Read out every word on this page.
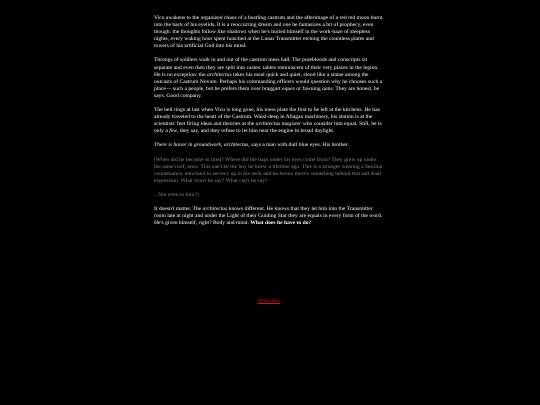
Vicu awakens to the organized chaos of a bustling castrum and the afterimage of a red red moon burnt into the back of his eyelids. It is a reoccurring dream and one he fantasizes a bit of prophecy, even though: the thoughts follow like shadows when he's buried himself in the work-haze of sleepless nights, every waking hour spent hunched at the Lunar Transmitter etching the countless plates and towers of his artificial God into his mind.

Throngs of soldiers walk in and out of the castrum mess hall. The purebloods and conscripts sit separate and even then they are split into castes: tables reminiscent of their very places in the legion. He is no exception: the architectus takes his meal quick and quiet, stood like a statue among the outcasts of Castrum Novum. Perhaps his commanding officers would question why he chooses such a place— such a people, but he prefers them over braggart eques or fawning aans. They are honest, he says. Good company.

The bell rings at last when Vicu is long gone, his mess plate the first to be left at the kitchens. He has already traveled to the heart of the Castrum. Waist-deep in Allagan machinery, his station is at the scientists' feet firing ideas and theories at the architectus magister who consider him equal. Still, he is only a few, they say, and they refuse to let him near the engine in broad daylight.

There is honor in groundwork, architectus, says a man with dull blue eyes. His brother.

(When did he become so tired? Where did the bags under his eyes come from? They grew up under the same roof, once. This can't be the boy he knew a lifetime ago. This is a stranger wearing a familiar countenance, entwined in secrecy up to his neck and he knows there's something behind that sad dead expression. What won't he say? What can't he say?

...Not even to him?)

It doesn't matter. The architectus knows different. He knows that they let him into the Transmitter room late at night and under the Light of their Guiding Star they are equals in every form of the word. He's given himself, right? Body and mind. What does he have to do?

remember
